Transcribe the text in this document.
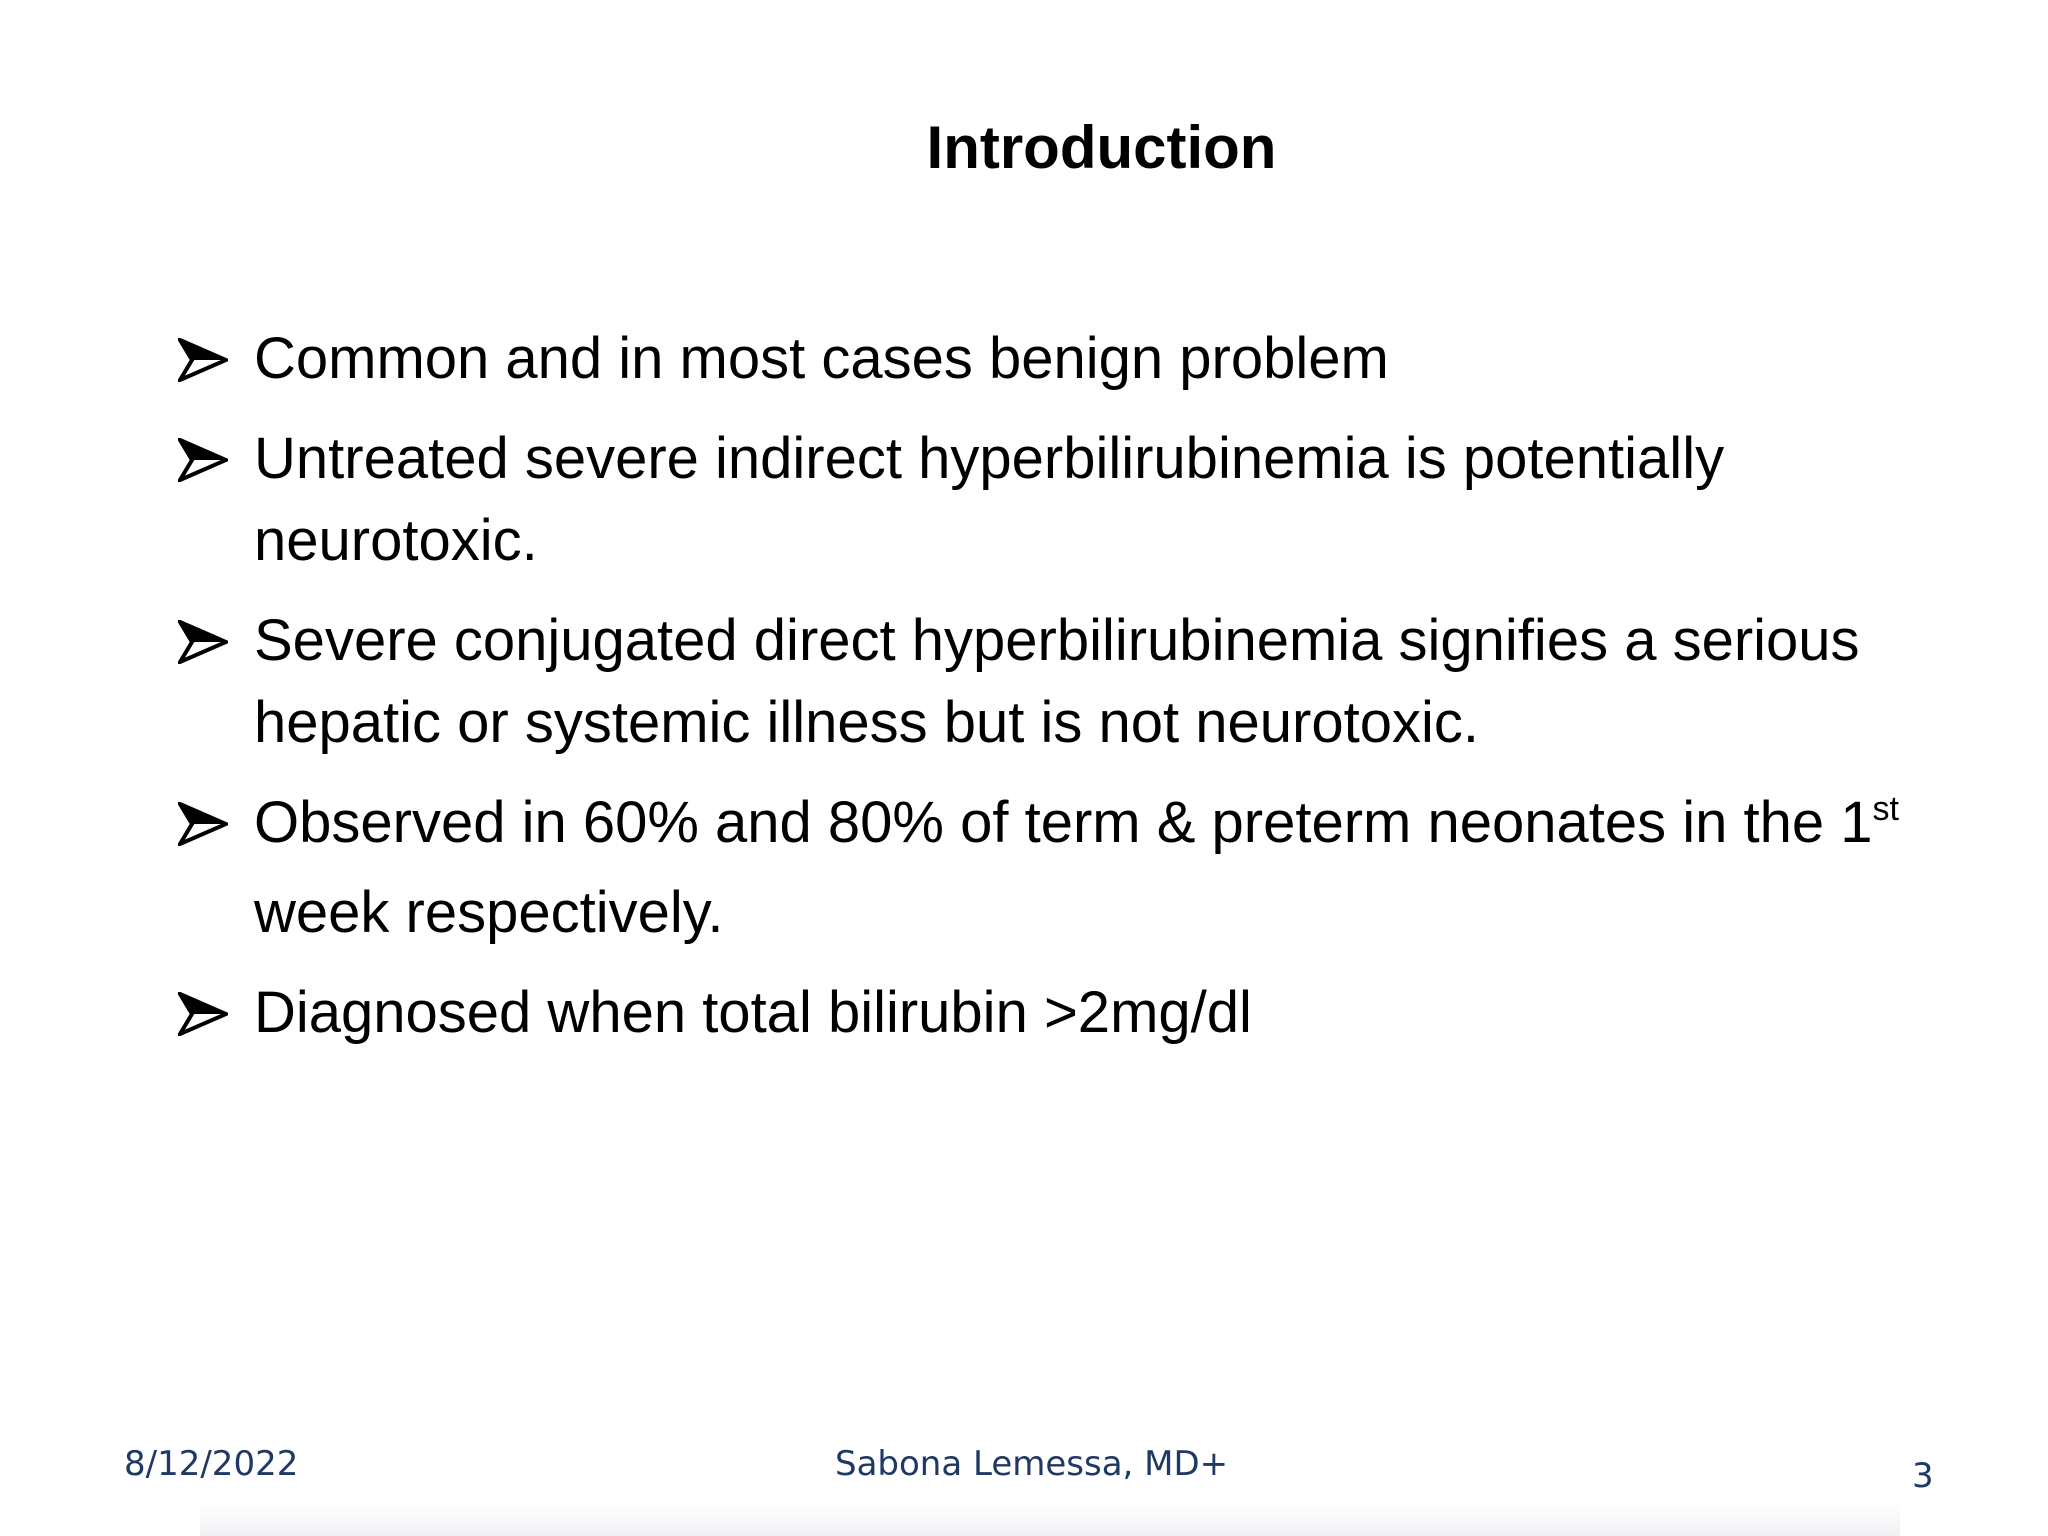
Introduction
Common and in most cases benign problem
Untreated severe indirect hyperbilirubinemia is potentially neurotoxic.
Severe conjugated direct hyperbilirubinemia signifies a serious hepatic or systemic illness but is not neurotoxic.
Observed in 60% and 80% of term & preterm neonates in the 1st week respectively.
Diagnosed when total bilirubin >2mg/dl
8/12/2022	Sabona Lemessa, MD+	3
